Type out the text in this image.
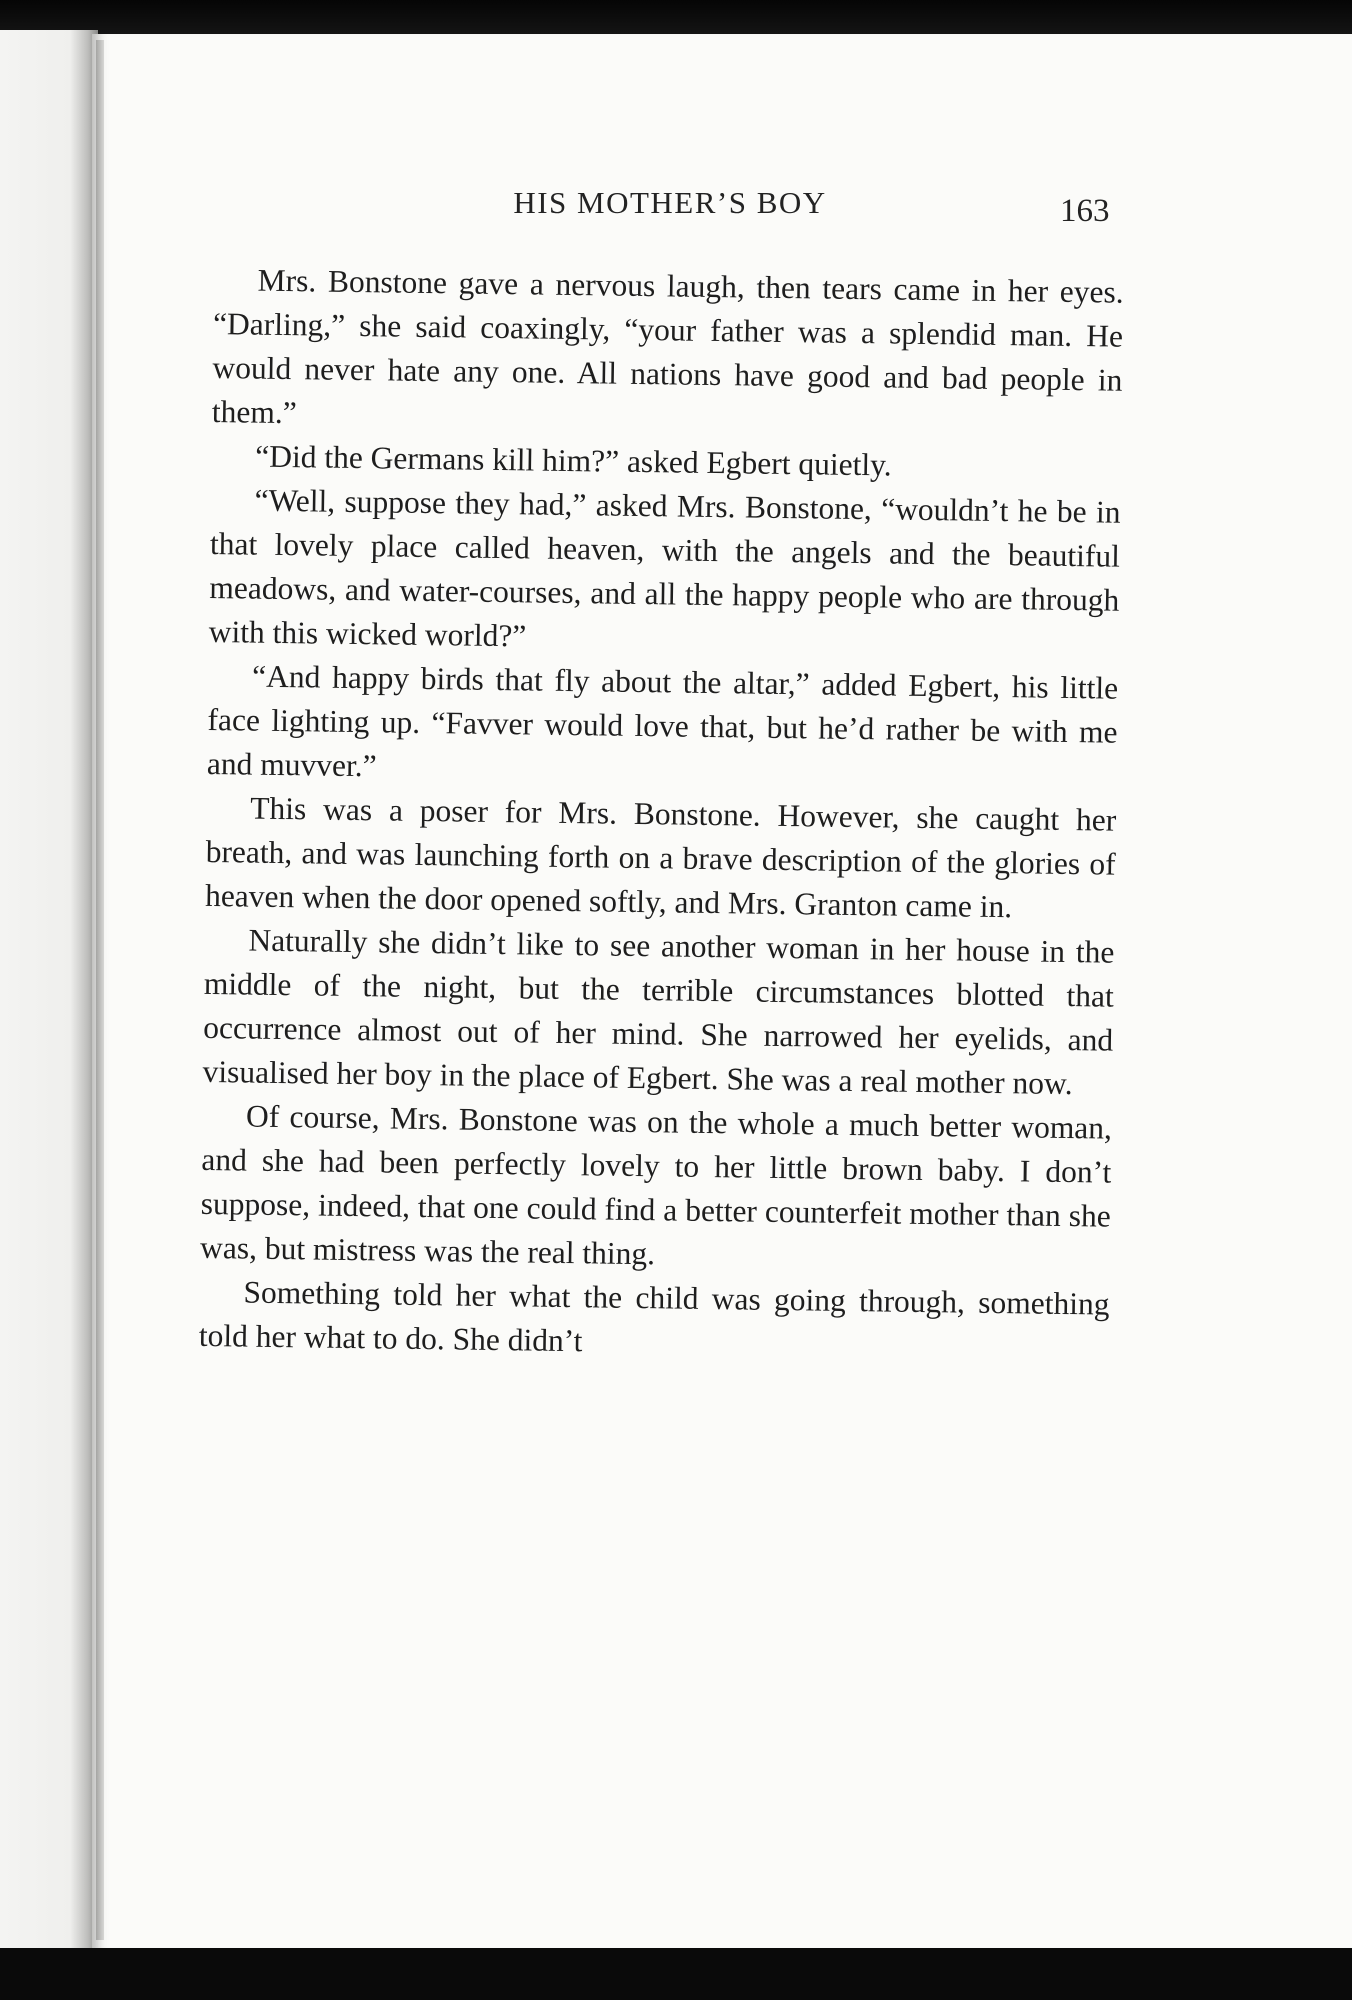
HIS MOTHER’S BOY	163

Mrs. Bonstone gave a nervous laugh, then tears came in her eyes. “Darling,” she said coaxingly, “your father was a splendid man. He would never hate any one. All nations have good and bad people in them.”

“Did the Germans kill him?” asked Egbert quietly.

“Well, suppose they had,” asked Mrs. Bonstone, “wouldn’t he be in that lovely place called heaven, with the angels and the beautiful meadows, and water-courses, and all the happy people who are through with this wicked world?”

“And happy birds that fly about the altar,” added Egbert, his little face lighting up. “Favver would love that, but he’d rather be with me and muvver.”

This was a poser for Mrs. Bonstone. However, she caught her breath, and was launching forth on a brave description of the glories of heaven when the door opened softly, and Mrs. Granton came in.

Naturally she didn’t like to see another woman in her house in the middle of the night, but the terrible circumstances blotted that occurrence almost out of her mind. She narrowed her eyelids, and visualised her boy in the place of Egbert. She was a real mother now.

Of course, Mrs. Bonstone was on the whole a much better woman, and she had been perfectly lovely to her little brown baby. I don’t suppose, indeed, that one could find a better counterfeit mother than she was, but mistress was the real thing.

Something told her what the child was going through, something told her what to do. She didn’t
